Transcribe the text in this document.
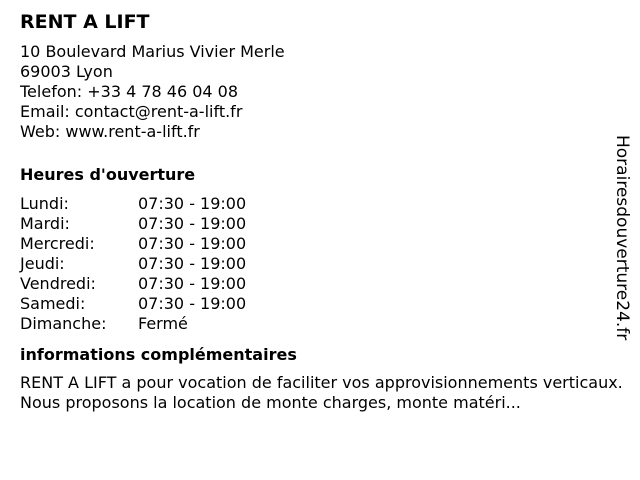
RENT A LIFT
10 Boulevard Marius Vivier Merle
69003 Lyon
Telefon: +33 4 78 46 04 08
Email: contact@rent-a-lift.fr
Web: www.rent-a-lift.fr
Heures d'ouverture
Lundi:	07:30 - 19:00
Mardi:	07:30 - 19:00
Mercredi:	07:30 - 19:00
Jeudi:	07:30 - 19:00
Vendredi:	07:30 - 19:00
Samedi:	07:30 - 19:00
Dimanche:	Fermé
informations complémentaires
RENT A LIFT a pour vocation de faciliter vos approvisionnements verticaux. Nous proposons la location de monte charges, monte matéri...
Horairesdouverture24.fr
